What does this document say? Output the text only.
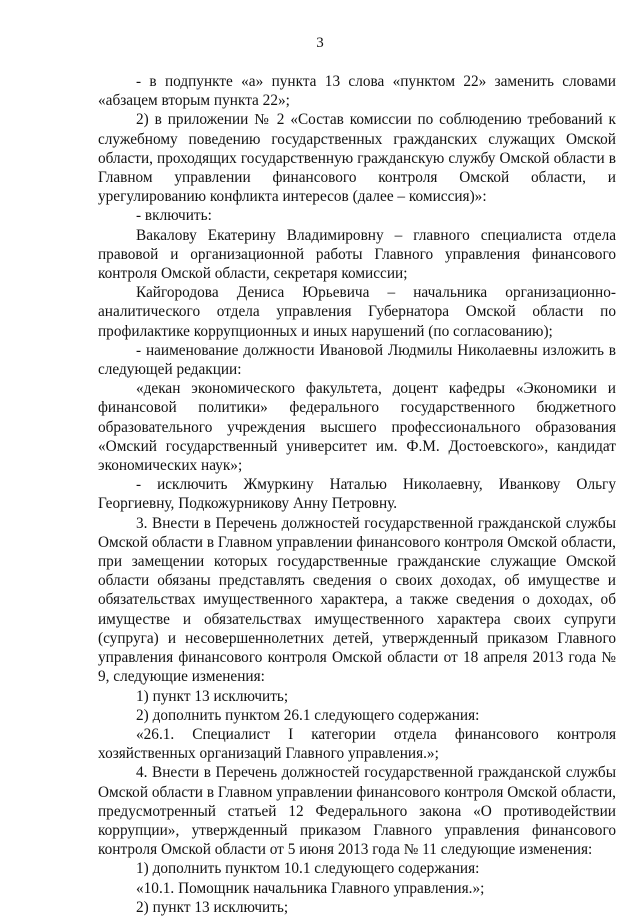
3

- в подпункте «а» пункта 13 слова «пунктом 22» заменить словами «абзацем вторым пункта 22»;

2) в приложении № 2 «Состав комиссии по соблюдению требований к служебному поведению государственных гражданских служащих Омской области, проходящих государственную гражданскую службу Омской области в Главном управлении финансового контроля Омской области, и урегулированию конфликта интересов (далее – комиссия)»:

- включить:

Вакалову Екатерину Владимировну – главного специалиста отдела правовой и организационной работы Главного управления финансового контроля Омской области, секретаря комиссии;

Кайгородова Дениса Юрьевича – начальника организационно-аналитического отдела управления Губернатора Омской области по профилактике коррупционных и иных нарушений (по согласованию);

- наименование должности Ивановой Людмилы Николаевны изложить в следующей редакции:

«декан экономического факультета, доцент кафедры «Экономики и финансовой политики» федерального государственного бюджетного образовательного учреждения высшего профессионального образования «Омский государственный университет им. Ф.М. Достоевского», кандидат экономических наук»;

- исключить Жмуркину Наталью Николаевну, Иванкову Ольгу Георгиевну, Подкожурникову Анну Петровну.

3. Внести в Перечень должностей государственной гражданской службы Омской области в Главном управлении финансового контроля Омской области, при замещении которых государственные гражданские служащие Омской области обязаны представлять сведения о своих доходах, об имуществе и обязательствах имущественного характера, а также сведения о доходах, об имуществе и обязательствах имущественного характера своих супруги (супруга) и несовершеннолетних детей, утвержденный приказом Главного управления финансового контроля Омской области от 18 апреля 2013 года № 9, следующие изменения:

1) пункт 13 исключить;

2) дополнить пунктом 26.1 следующего содержания:

«26.1. Специалист I категории отдела финансового контроля хозяйственных организаций Главного управления.»;

4. Внести в Перечень должностей государственной гражданской службы Омской области в Главном управлении финансового контроля Омской области, предусмотренный статьей 12 Федерального закона «О противодействии коррупции», утвержденный приказом Главного управления финансового контроля Омской области от 5 июня 2013 года № 11 следующие изменения:

1) дополнить пунктом 10.1 следующего содержания:

«10.1. Помощник начальника Главного управления.»;

2) пункт 13 исключить;
